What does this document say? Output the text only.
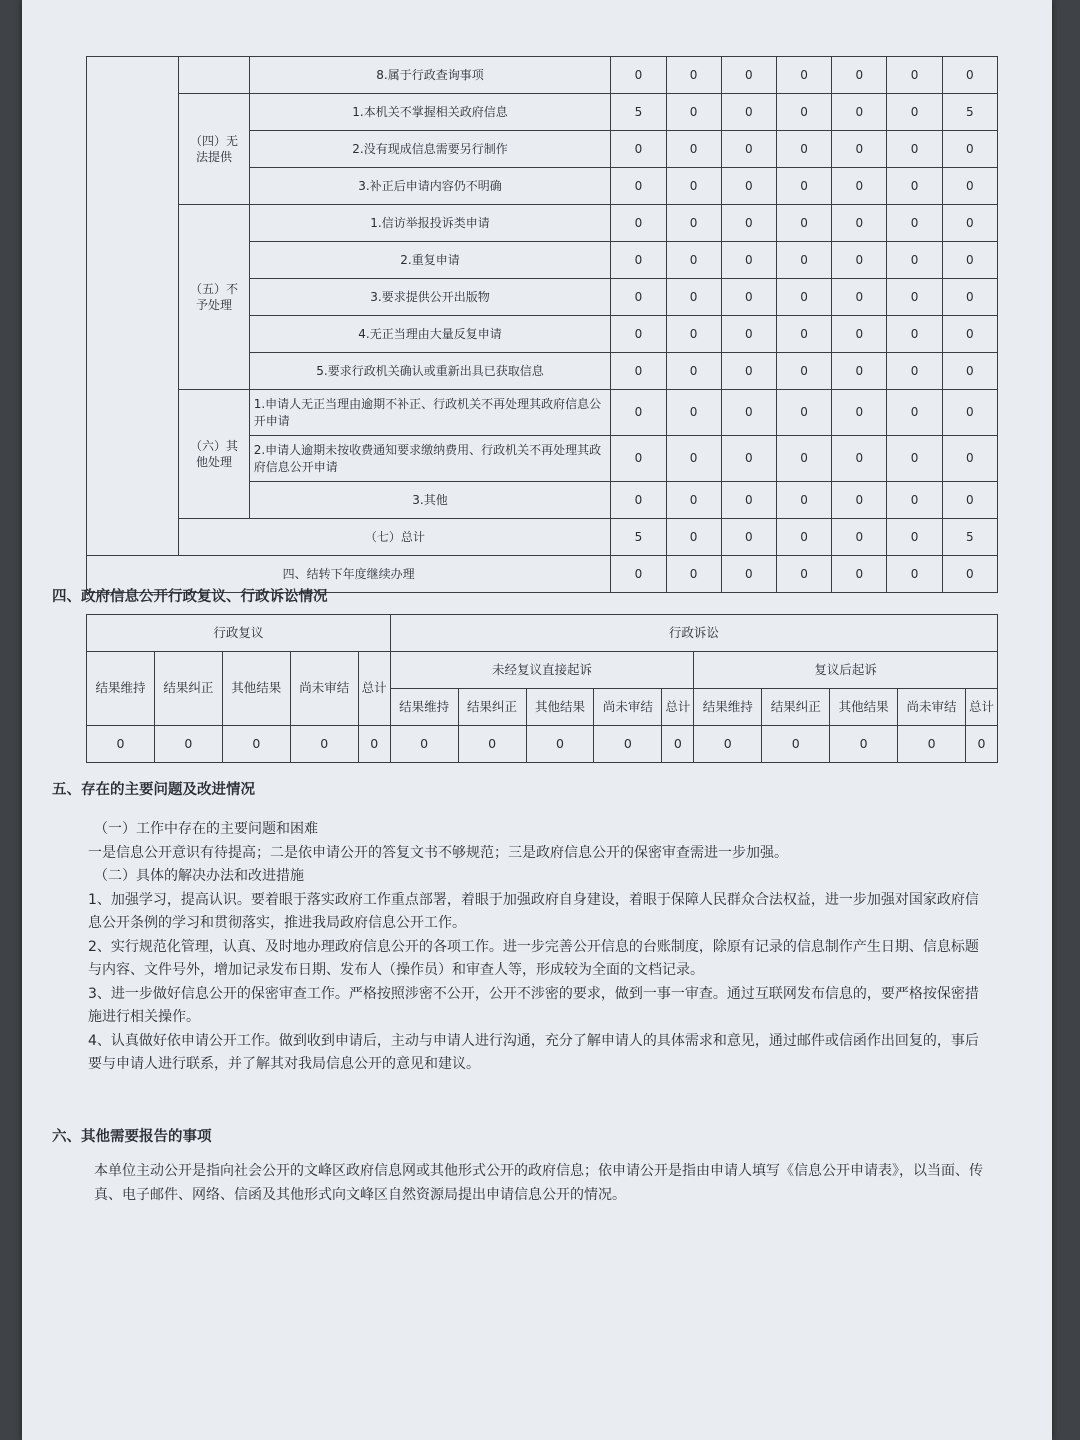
		8.属于行政查询事项	0	0	0	0	0	0	0
	（四）无法提供	1.本机关不掌握相关政府信息	5	0	0	0	0	0	5
		2.没有现成信息需要另行制作	0	0	0	0	0	0	0
		3.补正后申请内容仍不明确	0	0	0	0	0	0	0
	（五）不予处理	1.信访举报投诉类申请	0	0	0	0	0	0	0
		2.重复申请	0	0	0	0	0	0	0
		3.要求提供公开出版物	0	0	0	0	0	0	0
		4.无正当理由大量反复申请	0	0	0	0	0	0	0
		5.要求行政机关确认或重新出具已获取信息	0	0	0	0	0	0	0
	（六）其他处理	1.申请人无正当理由逾期不补正、行政机关不再处理其政府信息公开申请	0	0	0	0	0	0	0
		2.申请人逾期未按收费通知要求缴纳费用、行政机关不再处理其政府信息公开申请	0	0	0	0	0	0	0
		3.其他	0	0	0	0	0	0	0
	（七）总计		5	0	0	0	0	0	5
四、结转下年度继续办理			0	0	0	0	0	0	0
四、政府信息公开行政复议、行政诉讼情况
行政复议					行政诉讼									
结果维持	结果纠正	其他结果	尚未审结	总计	未经复议直接起诉					复议后起诉				
					结果维持	结果纠正	其他结果	尚未审结	总计	结果维持	结果纠正	其他结果	尚未审结	总计
0	0	0	0	0	0	0	0	0	0	0	0	0	0	0
五、存在的主要问题及改进情况

（一）工作中存在的主要问题和困难

一是信息公开意识有待提高；二是依申请公开的答复文书不够规范；三是政府信息公开的保密审查需进一步加强。

（二）具体的解决办法和改进措施

1、加强学习，提高认识。要着眼于落实政府工作重点部署，着眼于加强政府自身建设，着眼于保障人民群众合法权益，进一步加强对国家政府信息公开条例的学习和贯彻落实，推进我局政府信息公开工作。

2、实行规范化管理，认真、及时地办理政府信息公开的各项工作。进一步完善公开信息的台账制度，除原有记录的信息制作产生日期、信息标题与内容、文件号外，增加记录发布日期、发布人（操作员）和审查人等，形成较为全面的文档记录。

3、进一步做好信息公开的保密审查工作。严格按照涉密不公开，公开不涉密的要求，做到一事一审查。通过互联网发布信息的，要严格按保密措施进行相关操作。

4、认真做好依申请公开工作。做到收到申请后，主动与申请人进行沟通，充分了解申请人的具体需求和意见，通过邮件或信函作出回复的，事后要与申请人进行联系，并了解其对我局信息公开的意见和建议。

六、其他需要报告的事项

本单位主动公开是指向社会公开的文峰区政府信息网或其他形式公开的政府信息；依申请公开是指由申请人填写《信息公开申请表》，以当面、传真、电子邮件、网络、信函及其他形式向文峰区自然资源局提出申请信息公开的情况。
